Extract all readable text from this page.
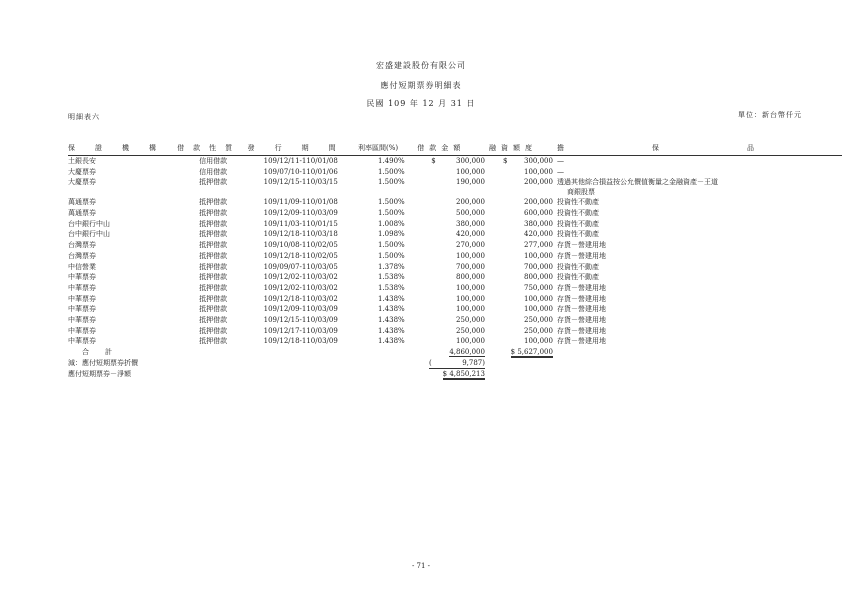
宏盛建設股份有限公司
應付短期票券明細表
民國 109 年 12 月 31 日
明細表六	單位：新台幣仟元
保證機構	借款性質	發行期間	利率區間(%)	借款金額	融資額度	擔保品
土銀長安	信用借款	109/12/11-110/01/08	1.490%	$ 300,000	$ 300,000	—
大慶票券	信用借款	109/07/10-110/01/06	1.500%	100,000	100,000	—
大慶票券	抵押借款	109/12/15-110/03/15	1.500%	190,000	200,000	透過其他綜合損益按公允價值衡量之金融資產－王道
商銀股票

萬通票券	抵押借款	109/11/09-110/01/08	1.500%	200,000	200,000	投資性不動產
萬通票券	抵押借款	109/12/09-110/03/09	1.500%	500,000	600,000	投資性不動產
台中銀行中山	抵押借款	109/11/03-110/01/15	1.008%	380,000	380,000	投資性不動產
台中銀行中山	抵押借款	109/12/18-110/03/18	1.098%	420,000	420,000	投資性不動產
台灣票券	抵押借款	109/10/08-110/02/05	1.500%	270,000	277,000	存貨－營建用地
台灣票券	抵押借款	109/12/18-110/02/05	1.500%	100,000	100,000	存貨－營建用地
中信營業	抵押借款	109/09/07-110/03/05	1.378%	700,000	700,000	投資性不動產
中華票券	抵押借款	109/12/02-110/03/02	1.538%	800,000	800,000	投資性不動產
中華票券	抵押借款	109/12/02-110/03/02	1.538%	100,000	750,000	存貨－營建用地
中華票券	抵押借款	109/12/18-110/03/02	1.438%	100,000	100,000	存貨－營建用地
中華票券	抵押借款	109/12/09-110/03/09	1.438%	100,000	100,000	存貨－營建用地
中華票券	抵押借款	109/12/15-110/03/09	1.438%	250,000	250,000	存貨－營建用地
中華票券	抵押借款	109/12/17-110/03/09	1.438%	250,000	250,000	存貨－營建用地
中華票券	抵押借款	109/12/18-110/03/09	1.438%	100,000	100,000	存貨－營建用地
合計				4,860,000	$ 5,627,000	
減：應付短期票券折價				( 9,787)		
應付短期票券－淨額				$ 4,850,213		
- 71 -
